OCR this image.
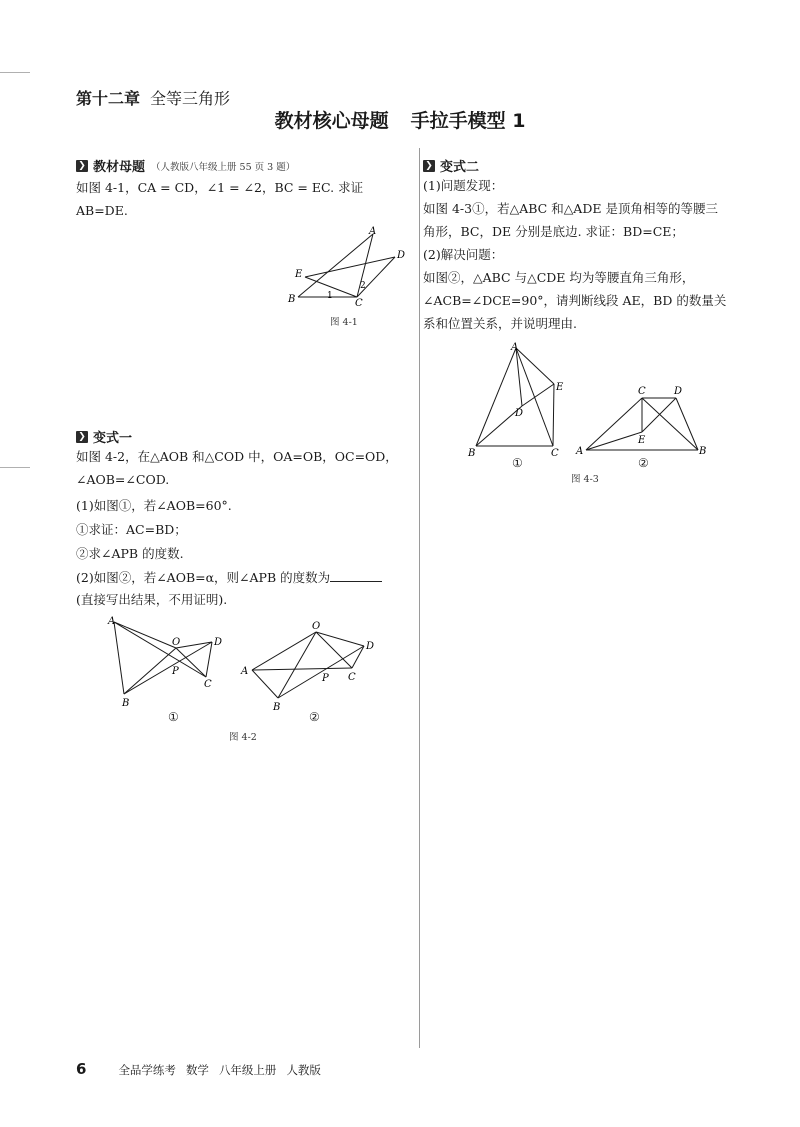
第十二章 全等三角形
教材核心母题 手拉手模型 1
❯ 教材母题 （人教版八年级上册 55 页 3 题）
如图 4-1，CA = CD，∠1 = ∠2，BC = EC. 求证
AB=DE.
A
D
E
B	C
1
2
图 4-1
❯ 变式一
如图 4-2，在△AOB 和△COD 中，OA=OB，OC=OD，
∠AOB=∠COD.
(1)如图①，若∠AOB=60°.
①求证：AC=BD；
②求∠APB 的度数.
(2)如图②，若∠AOB=α，则∠APB 的度数为
(直接写出结果，不用证明).
A
O	D
P
C
B
①
O
D
A
P C
B
②
图 4-2
❯ 变式二
(1)问题发现：
如图 4-3①，若△ABC 和△ADE 是顶角相等的等腰三
角形，BC，DE 分别是底边. 求证：BD=CE；
(2)解决问题：
如图②，△ABC 与△CDE 均为等腰直角三角形，
∠ACB=∠DCE=90°，请判断线段 AE，BD 的数量关
系和位置关系，并说明理由.
A
E
D
B	C
①
C	D
E
A	B
②
图 4-3
6	全品学练考 数学 八年级上册 人教版
